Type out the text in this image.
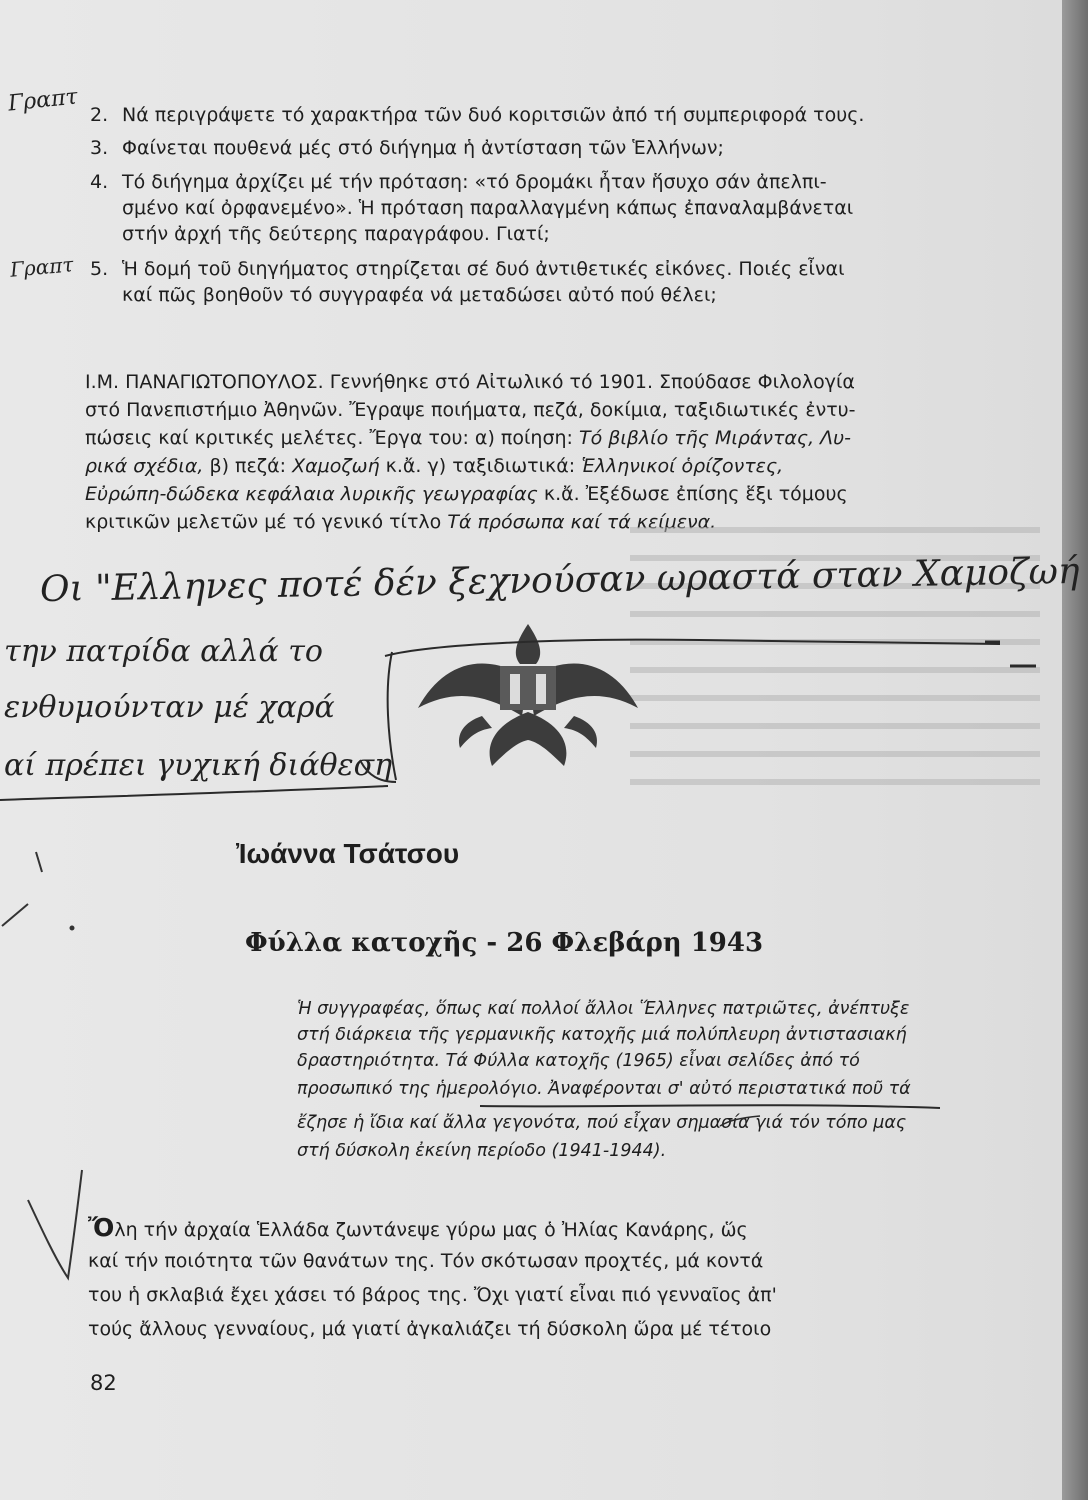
2. Νά περιγράψετε τό χαρακτήρα τῶν δυό κοριτσιῶν ἀπό τή συμπεριφορά τους.
3. Φαίνεται πουθενά μές στό διήγημα ἡ ἀντίσταση τῶν Ἑλλήνων;
4. Τό διήγημα ἀρχίζει μέ τήν πρόταση: «τό δρομάκι ἦταν ἥσυχο σάν ἀπελπι-
σμένο καί ὀρφανεμένο». Ἡ πρόταση παραλλαγμένη κάπως ἐπαναλαμβάνεται
στήν ἀρχή τῆς δεύτερης παραγράφου. Γιατί;
5. Ἡ δομή τοῦ διηγήματος στηρίζεται σέ δυό ἀντιθετικές εἰκόνες. Ποιές εἶναι
καί πῶς βοηθοῦν τό συγγραφέα νά μεταδώσει αὐτό πού θέλει;
Γραπτ
Γραπτ
Ι.Μ. ΠΑΝΑΓΙΩΤΟΠΟΥΛΟΣ. Γεννήθηκε στό Αἰτωλικό τό 1901. Σπούδασε Φιλολογία
στό Πανεπιστήμιο Ἀθηνῶν. Ἔγραψε ποιήματα, πεζά, δοκίμια, ταξιδιωτικές ἐντυ-
πώσεις καί κριτικές μελέτες. Ἔργα του: α) ποίηση: Τό βιβλίο τῆς Μιράντας, Λυ-
ρικά σχέδια, β) πεζά: Χαμοζωή κ.ἄ. γ) ταξιδιωτικά: Ἑλληνικοί ὁρίζοντες,
Εὐρώπη-δώδεκα κεφάλαια λυρικῆς γεωγραφίας κ.ἄ. Ἐξέδωσε ἐπίσης ἕξι τόμους
κριτικῶν μελετῶν μέ τό γενικό τίτλο Τά πρόσωπα καί τά κείμενα.
Οι "Ελληνες ποτέ δέν ξεχνούσαν ωραστά σταν Χαμοζωή
την πατρίδα αλλά το
ενθυμούνταν μέ χαρά
αί πρέπει γυχική διάθεση
Ἰωάννα Τσάτσου
Φύλλα κατοχῆς - 26 Φλεβάρη 1943
Ἡ συγγραφέας, ὅπως καί πολλοί ἄλλοι Ἕλληνες πατριῶτες, ἀνέπτυξε
στή διάρκεια τῆς γερμανικῆς κατοχῆς μιά πολύπλευρη ἀντιστασιακή
δραστηριότητα. Τά Φύλλα κατοχῆς (1965) εἶναι σελίδες ἀπό τό
προσωπικό της ἡμερολόγιο. Ἀναφέρονται σ' αὐτό περιστατικά ποῦ τά
ἔζησε ἡ ἴδια καί ἄλλα γεγονότα, πού εἶχαν σημασία γιά τόν τόπο μας
στή δύσκολη ἐκείνη περίοδο (1941-1944).
Ὄλη τήν ἀρχαία Ἑλλάδα ζωντάνεψε γύρω μας ὁ Ἠλίας Κανάρης, ὥς
καί τήν ποιότητα τῶν θανάτων της. Τόν σκότωσαν προχτές, μά κοντά
του ἡ σκλαβιά ἔχει χάσει τό βάρος της. Ὄχι γιατί εἶναι πιό γενναῖος ἀπ'
τούς ἄλλους γενναίους, μά γιατί ἀγκαλιάζει τή δύσκολη ὥρα μέ τέτοιο
82
